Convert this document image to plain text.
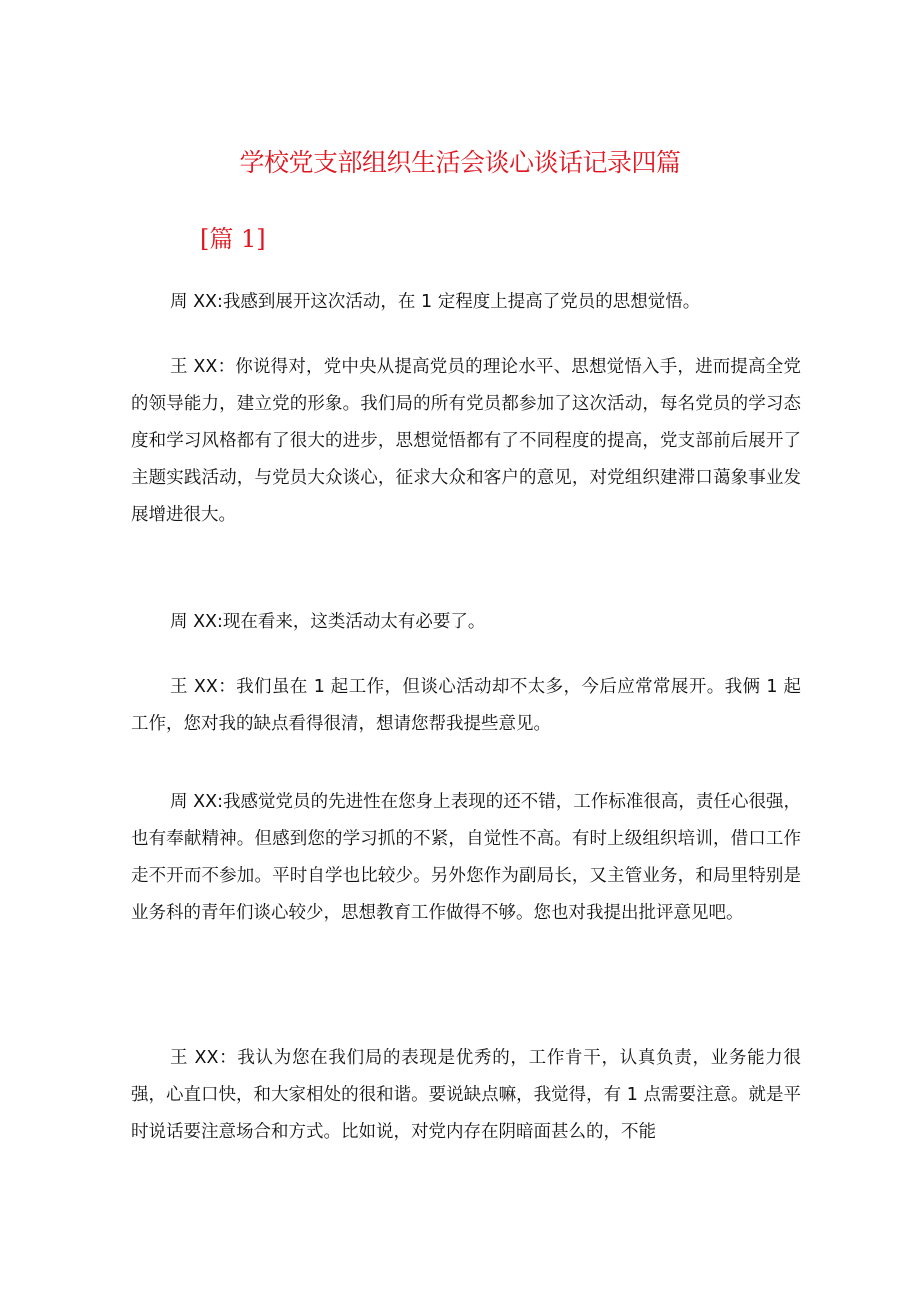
学校党支部组织生活会谈心谈话记录四篇
[篇 1]

周 XX:我感到展开这次活动，在 1 定程度上提高了党员的思想觉悟。

王 XX：你说得对，党中央从提高党员的理论水平、思想觉悟入手，进而提高全党的领导能力，建立党的形象。我们局的所有党员都参加了这次活动，每名党员的学习态度和学习风格都有了很大的进步，思想觉悟都有了不同程度的提高，党支部前后展开了主题实践活动，与党员大众谈心，征求大众和客户的意见，对党组织建滞口蔼象事业发展增进很大。

周 XX:现在看来，这类活动太有必要了。

王 XX：我们虽在 1 起工作，但谈心活动却不太多，今后应常常展开。我俩 1 起工作，您对我的缺点看得很清，想请您帮我提些意见。

周 XX:我感觉党员的先进性在您身上表现的还不错，工作标准很高，责任心很强，也有奉献精神。但感到您的学习抓的不紧，自觉性不高。有时上级组织培训，借口工作走不开而不参加。平时自学也比较少。另外您作为副局长，又主管业务，和局里特别是业务科的青年们谈心较少，思想教育工作做得不够。您也对我提出批评意见吧。

王 XX：我认为您在我们局的表现是优秀的，工作肯干，认真负责，业务能力很强，心直口快，和大家相处的很和谐。要说缺点嘛，我觉得，有 1 点需要注意。就是平时说话要注意场合和方式。比如说，对党内存在阴暗面甚么的，不能
